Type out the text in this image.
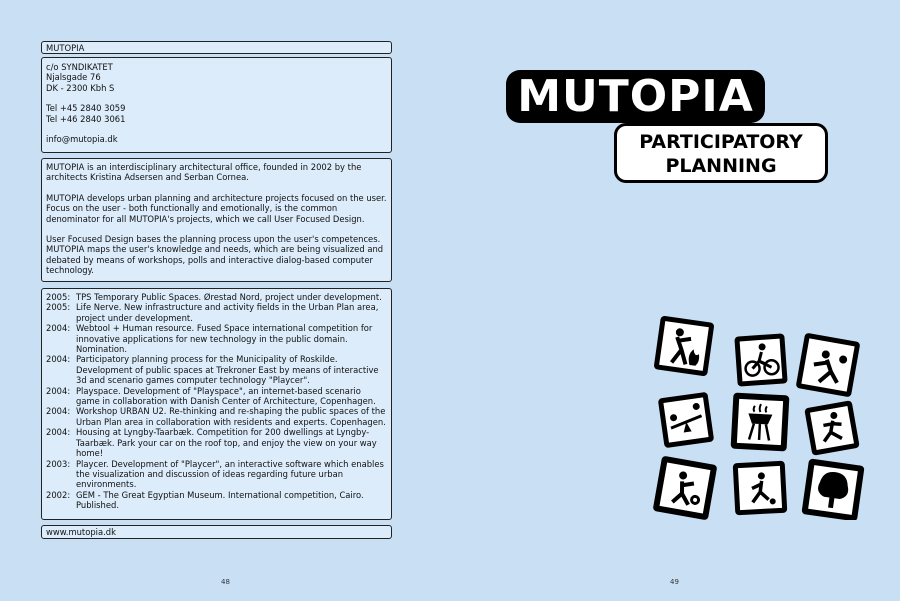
MUTOPIA

c/o SYNDIKATET

Njalsgade 76

DK - 2300 Kbh S

Tel +45 2840 3059

Tel +46 2840 3061

info@mutopia.dk

MUTOPIA is an interdisciplinary architectural office, founded in 2002 by the architects Kristina Adsersen and Serban Cornea.

MUTOPIA develops urban planning and architecture projects focused on the user. Focus on the user - both functionally and emotionally, is the common denominator for all MUTOPIA's projects, which we call User Focused Design.

User Focused Design bases the planning process upon the user's competences. MUTOPIA maps the user's knowledge and needs, which are being visualized and debated by means of workshops, polls and interactive dialog-based computer technology.

2005: TPS Temporary Public Spaces. Ørestad Nord, project under development.
2005: Life Nerve. New infrastructure and activity fields in the Urban Plan area, project under development.
2004: Webtool + Human resource. Fused Space international competition for innovative applications for new technology in the public domain. Nomination.
2004: Participatory planning process for the Municipality of Roskilde. Development of public spaces at Trekroner East by means of interactive 3d and scenario games computer technology "Playcer".
2004: Playspace. Development of "Playspace", an internet-based scenario game in collaboration with Danish Center of Architecture, Copenhagen.
2004: Workshop URBAN U2. Re-thinking and re-shaping the public spaces of the Urban Plan area in collaboration with residents and experts. Copenhagen.
2004: Housing at Lyngby-Taarbæk. Competition for 200 dwellings at Lyngby-Taarbæk. Park your car on the roof top, and enjoy the view on your way home!
2003: Playcer. Development of "Playcer", an interactive software which enables the visualization and discussion of ideas regarding future urban environments.
2002: GEM - The Great Egyptian Museum. International competition, Cairo. Published.

www.mutopia.dk

48
MUTOPIA
PARTICIPATORY
PLANNING
49
